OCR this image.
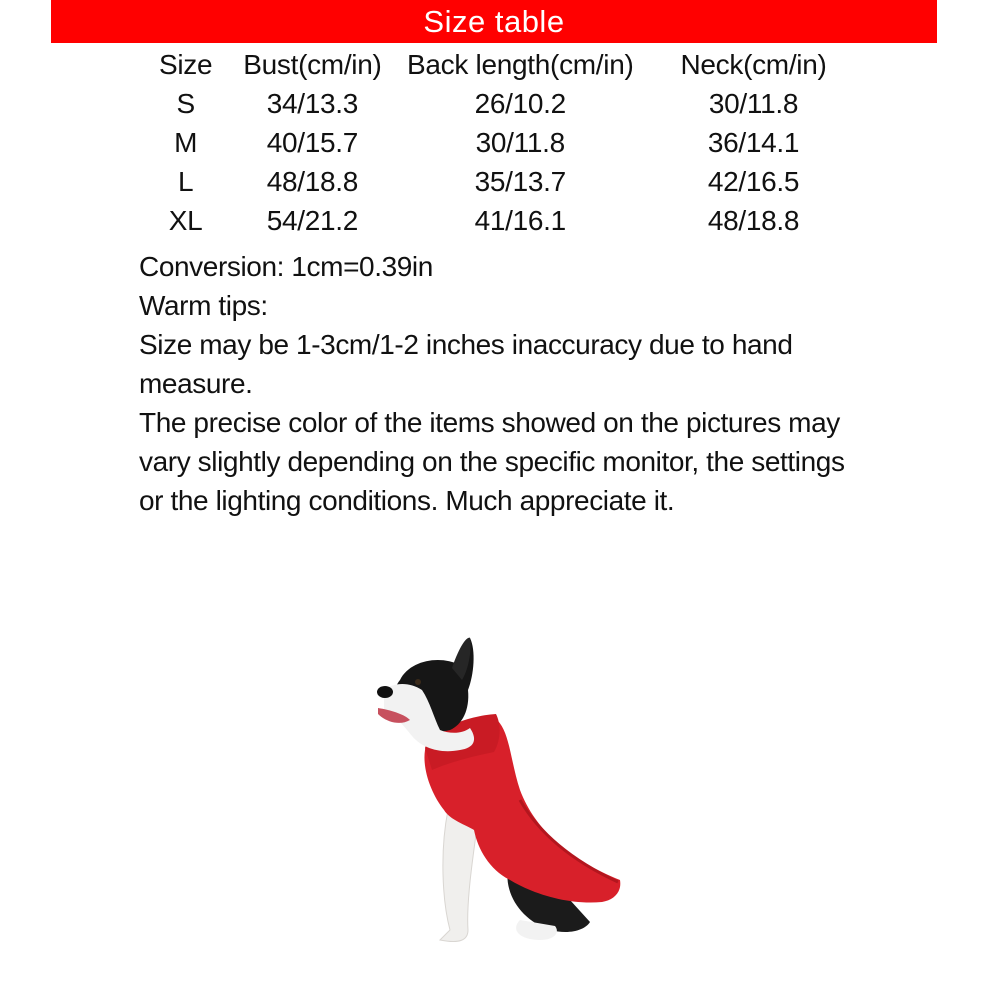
Size table
Size	Bust(cm/in)	Back length(cm/in)	Neck(cm/in)
S	34/13.3	26/10.2	30/11.8
M	40/15.7	30/11.8	36/14.1
L	48/18.8	35/13.7	42/16.5
XL	54/21.2	41/16.1	48/18.8

Conversion: 1cm=0.39in

Warm tips:

Size may be 1-3cm/1-2 inches inaccuracy due to hand measure.

The precise color of the items showed on the pictures may vary slightly depending on the specific monitor, the settings or the lighting conditions. Much appreciate it.
